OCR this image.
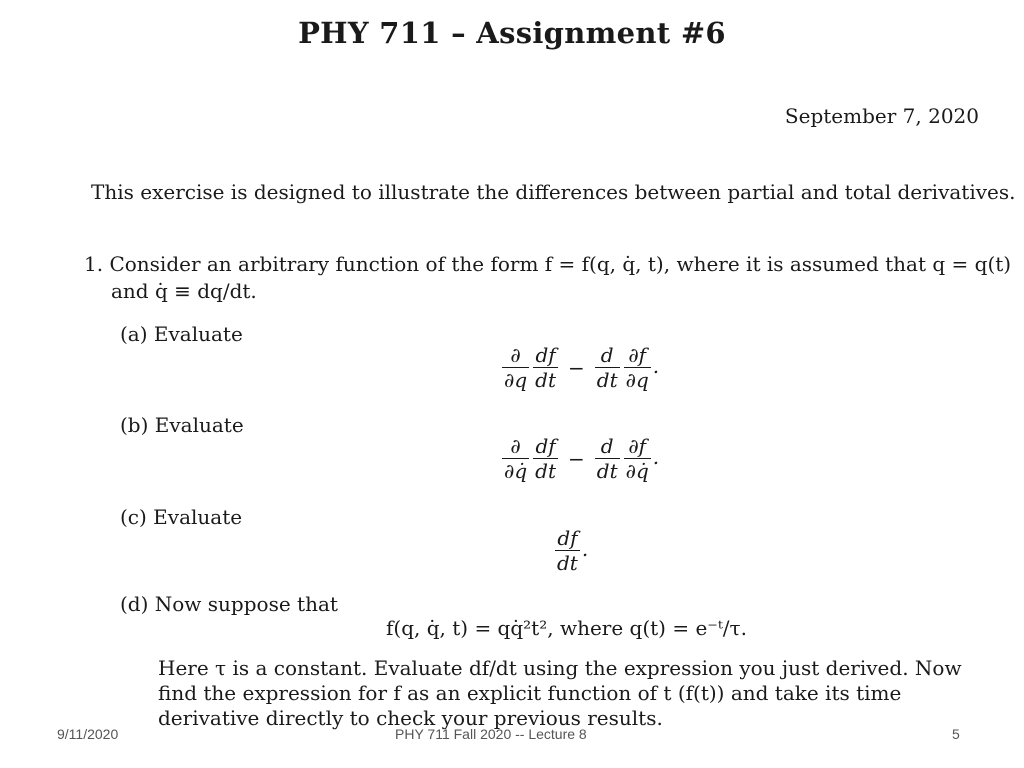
PHY 711 – Assignment #6
September 7, 2020
This exercise is designed to illustrate the differences between partial and total derivatives.
1. Consider an arbitrary function of the form f = f(q, q̇, t), where it is assumed that q = q(t)
and q̇ ≡ dq/dt.
(a) Evaluate
$\frac{\partial}{\partial q} \frac{df}{dt} - \frac{d}{dt} \frac{\partial f}{\partial q}$ .
(b) Evaluate
$\frac{\partial}{\partial q̇} \frac{df}{dt} - \frac{d}{dt} \frac{\partial f}{\partial q̇}$ .
(c) Evaluate
$\frac{df}{dt}$ .
(d) Now suppose that
f(q, q̇, t) = qq̇²t², where q(t) = e⁻ᵗ/τ.
Here τ is a constant. Evaluate df/dt using the expression you just derived. Now find the expression for f as an explicit function of t (f(t)) and take its time derivative directly to check your previous results.
9/11/2020	PHY 711 Fall 2020 -- Lecture 8	5
